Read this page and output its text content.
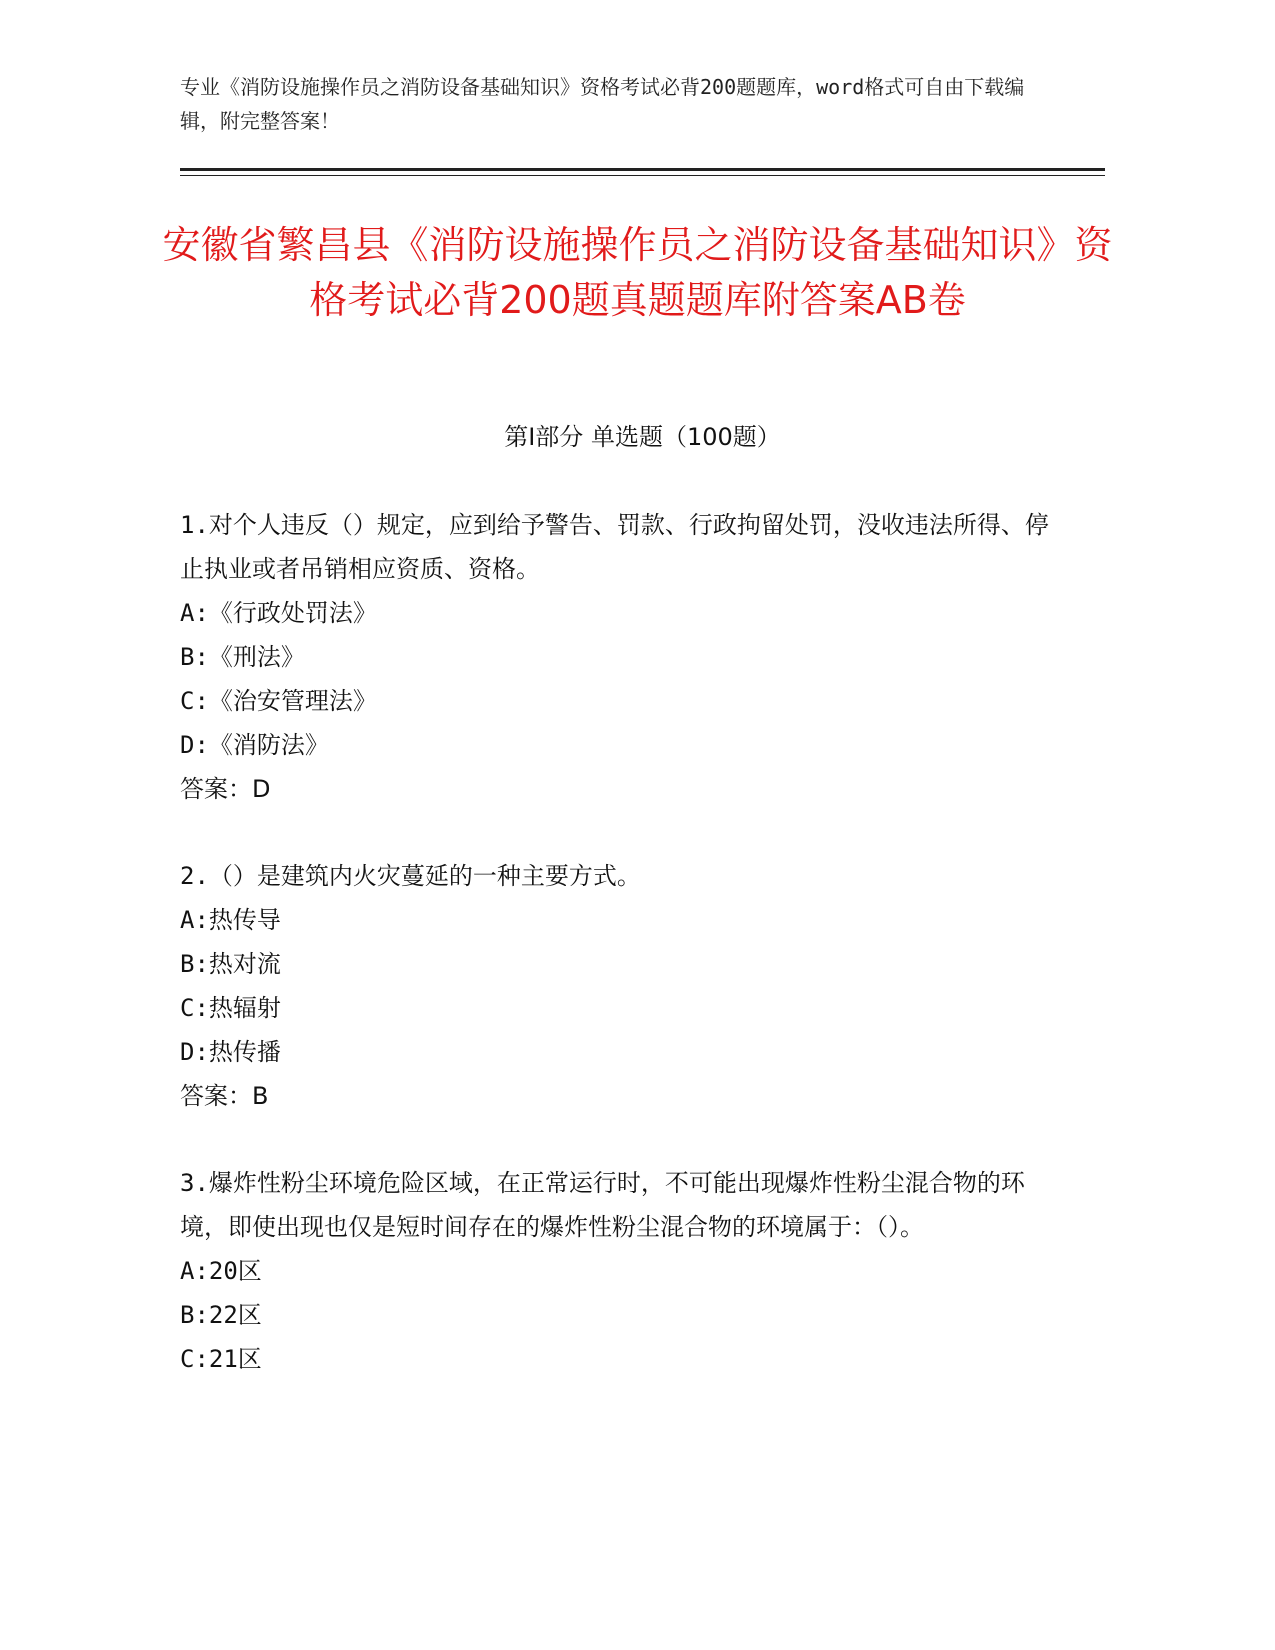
专业《消防设施操作员之消防设备基础知识》资格考试必背200题题库，word格式可自由下载编辑，附完整答案！
安徽省繁昌县《消防设施操作员之消防设备基础知识》资格考试必背200题真题题库附答案AB卷
第Ⅰ部分 单选题（100题）

1.对个人违反（）规定，应到给予警告、罚款、行政拘留处罚，没收违法所得、停止执业或者吊销相应资质、资格。

A:《行政处罚法》

B:《刑法》

C:《治安管理法》

D:《消防法》

答案：D

2.（）是建筑内火灾蔓延的一种主要方式。

A:热传导

B:热对流

C:热辐射

D:热传播

答案：B

3.爆炸性粉尘环境危险区域，在正常运行时，不可能出现爆炸性粉尘混合物的环境，即使出现也仅是短时间存在的爆炸性粉尘混合物的环境属于：（）。

A:20区

B:22区

C:21区
